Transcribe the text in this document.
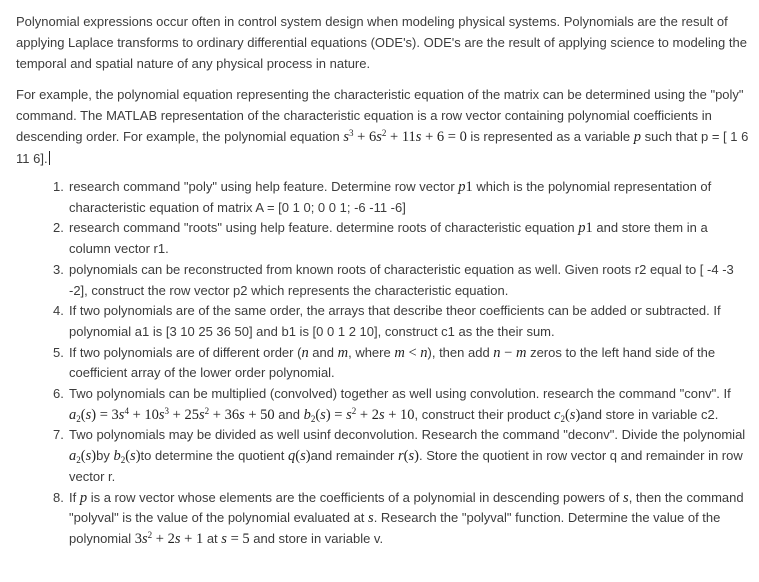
Polynomial expressions occur often in control system design when modeling physical systems. Polynomials are the result of applying Laplace transforms to ordinary differential equations (ODE's). ODE's are the result of applying science to modeling the temporal and spatial nature of any physical process in nature.

For example, the polynomial equation representing the characteristic equation of the matrix can be determined using the "poly" command. The MATLAB representation of the characteristic equation is a row vector containing polynomial coefficients in descending order. For example, the polynomial equation $s^3 + 6s^2 + 11s + 6 = 0$ is represented as a variable p such that p = [ 1 6 11 6].

1. research command "poly" using help feature. Determine row vector p1 which is the polynomial representation of characteristic equation of matrix A = [0 1 0; 0 0 1; -6 -11 -6]
2. research command "roots" using help feature. determine roots of characteristic equation p1 and store them in a column vector r1.
3. polynomials can be reconstructed from known roots of characteristic equation as well. Given roots r2 equal to [ -4 -3 -2], construct the row vector p2 which represents the characteristic equation.
4. If two polynomials are of the same order, the arrays that describe theor coefficients can be added or subtracted. If polynomial a1 is [3 10 25 36 50] and b1 is [0 0 1 2 10], construct c1 as the their sum.
5. If two polynomials are of different order (n and m, where m < n), then add n − m zeros to the left hand side of the coefficient array of the lower order polynomial.
6. Two polynomials can be multiplied (convolved) together as well using convolution. research the command "conv". If $a_2(s) = 3s^4 + 10s^3 + 25s^2 + 36s + 50$ and $b_2(s) = s^2 + 2s + 10$, construct their product $c_2(s)and$ store in variable c2.
7. Two polynomials may be divided as well usinf deconvolution. Research the command "deconv". Divide the polynomial $a_2(s)by$ $b_2(s)to$ determine the quotient q(s)and remainder r(s). Store the quotient in row vector q and remainder in row vector r.
8. If p is a row vector whose elements are the coefficients of a polynomial in descending powers of s, then the command "polyval" is the value of the polynomial evaluated at s. Research the "polyval" function. Determine the value of the polynomial $3s^2 + 2s + 1$ at s = 5 and store in variable v.
